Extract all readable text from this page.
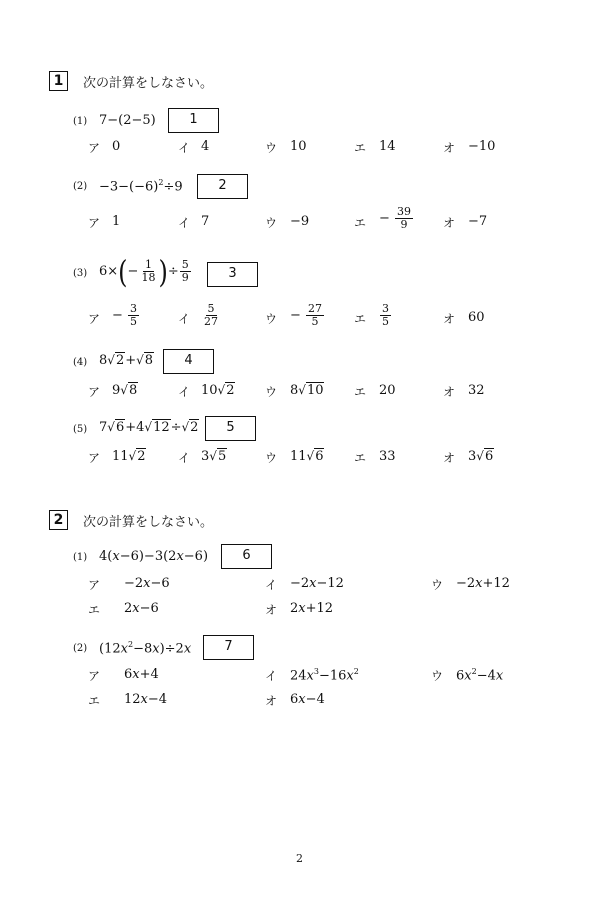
1	次の計算をしなさい。
(1) 7−(2−5)	1
ア 0	イ 4	ウ 10	エ 14	オ −10
$(2) -3-(-6)^2\div 9$	2
ア 1	イ 7	ウ −9	エ − $\frac{39}{9}$ オ −7
(3) $6\times(- \frac{1}{18}$ )÷ $\frac{5}{9}$	3
ア − $\frac{3}{5}$	イ $\frac{5}{27}$	ウ − $\frac{27}{5}$ エ $\frac{3}{5}$	オ 60
(4) 8√2+√8	4
ア 9√8	イ 10√2	ウ 8√10	エ 20	オ 32
(5) 7√6+4√12÷√2	5
ア 11√2	イ 3√5	ウ 11√6	エ 33	オ 3√6
2	次の計算をしなさい。
(1) 4(x−6)−3(2x−6)	6
ア −2x−6	イ −2x−12	ウ −2x+12
エ 2x−6	オ 2x+12
(2) $(12x^2-8x)\div 2x$	7
ア 6x+4	イ $24x^3-16x^2$	ウ $6x^2-4x$
エ 12x−4	オ 6x−4
2
